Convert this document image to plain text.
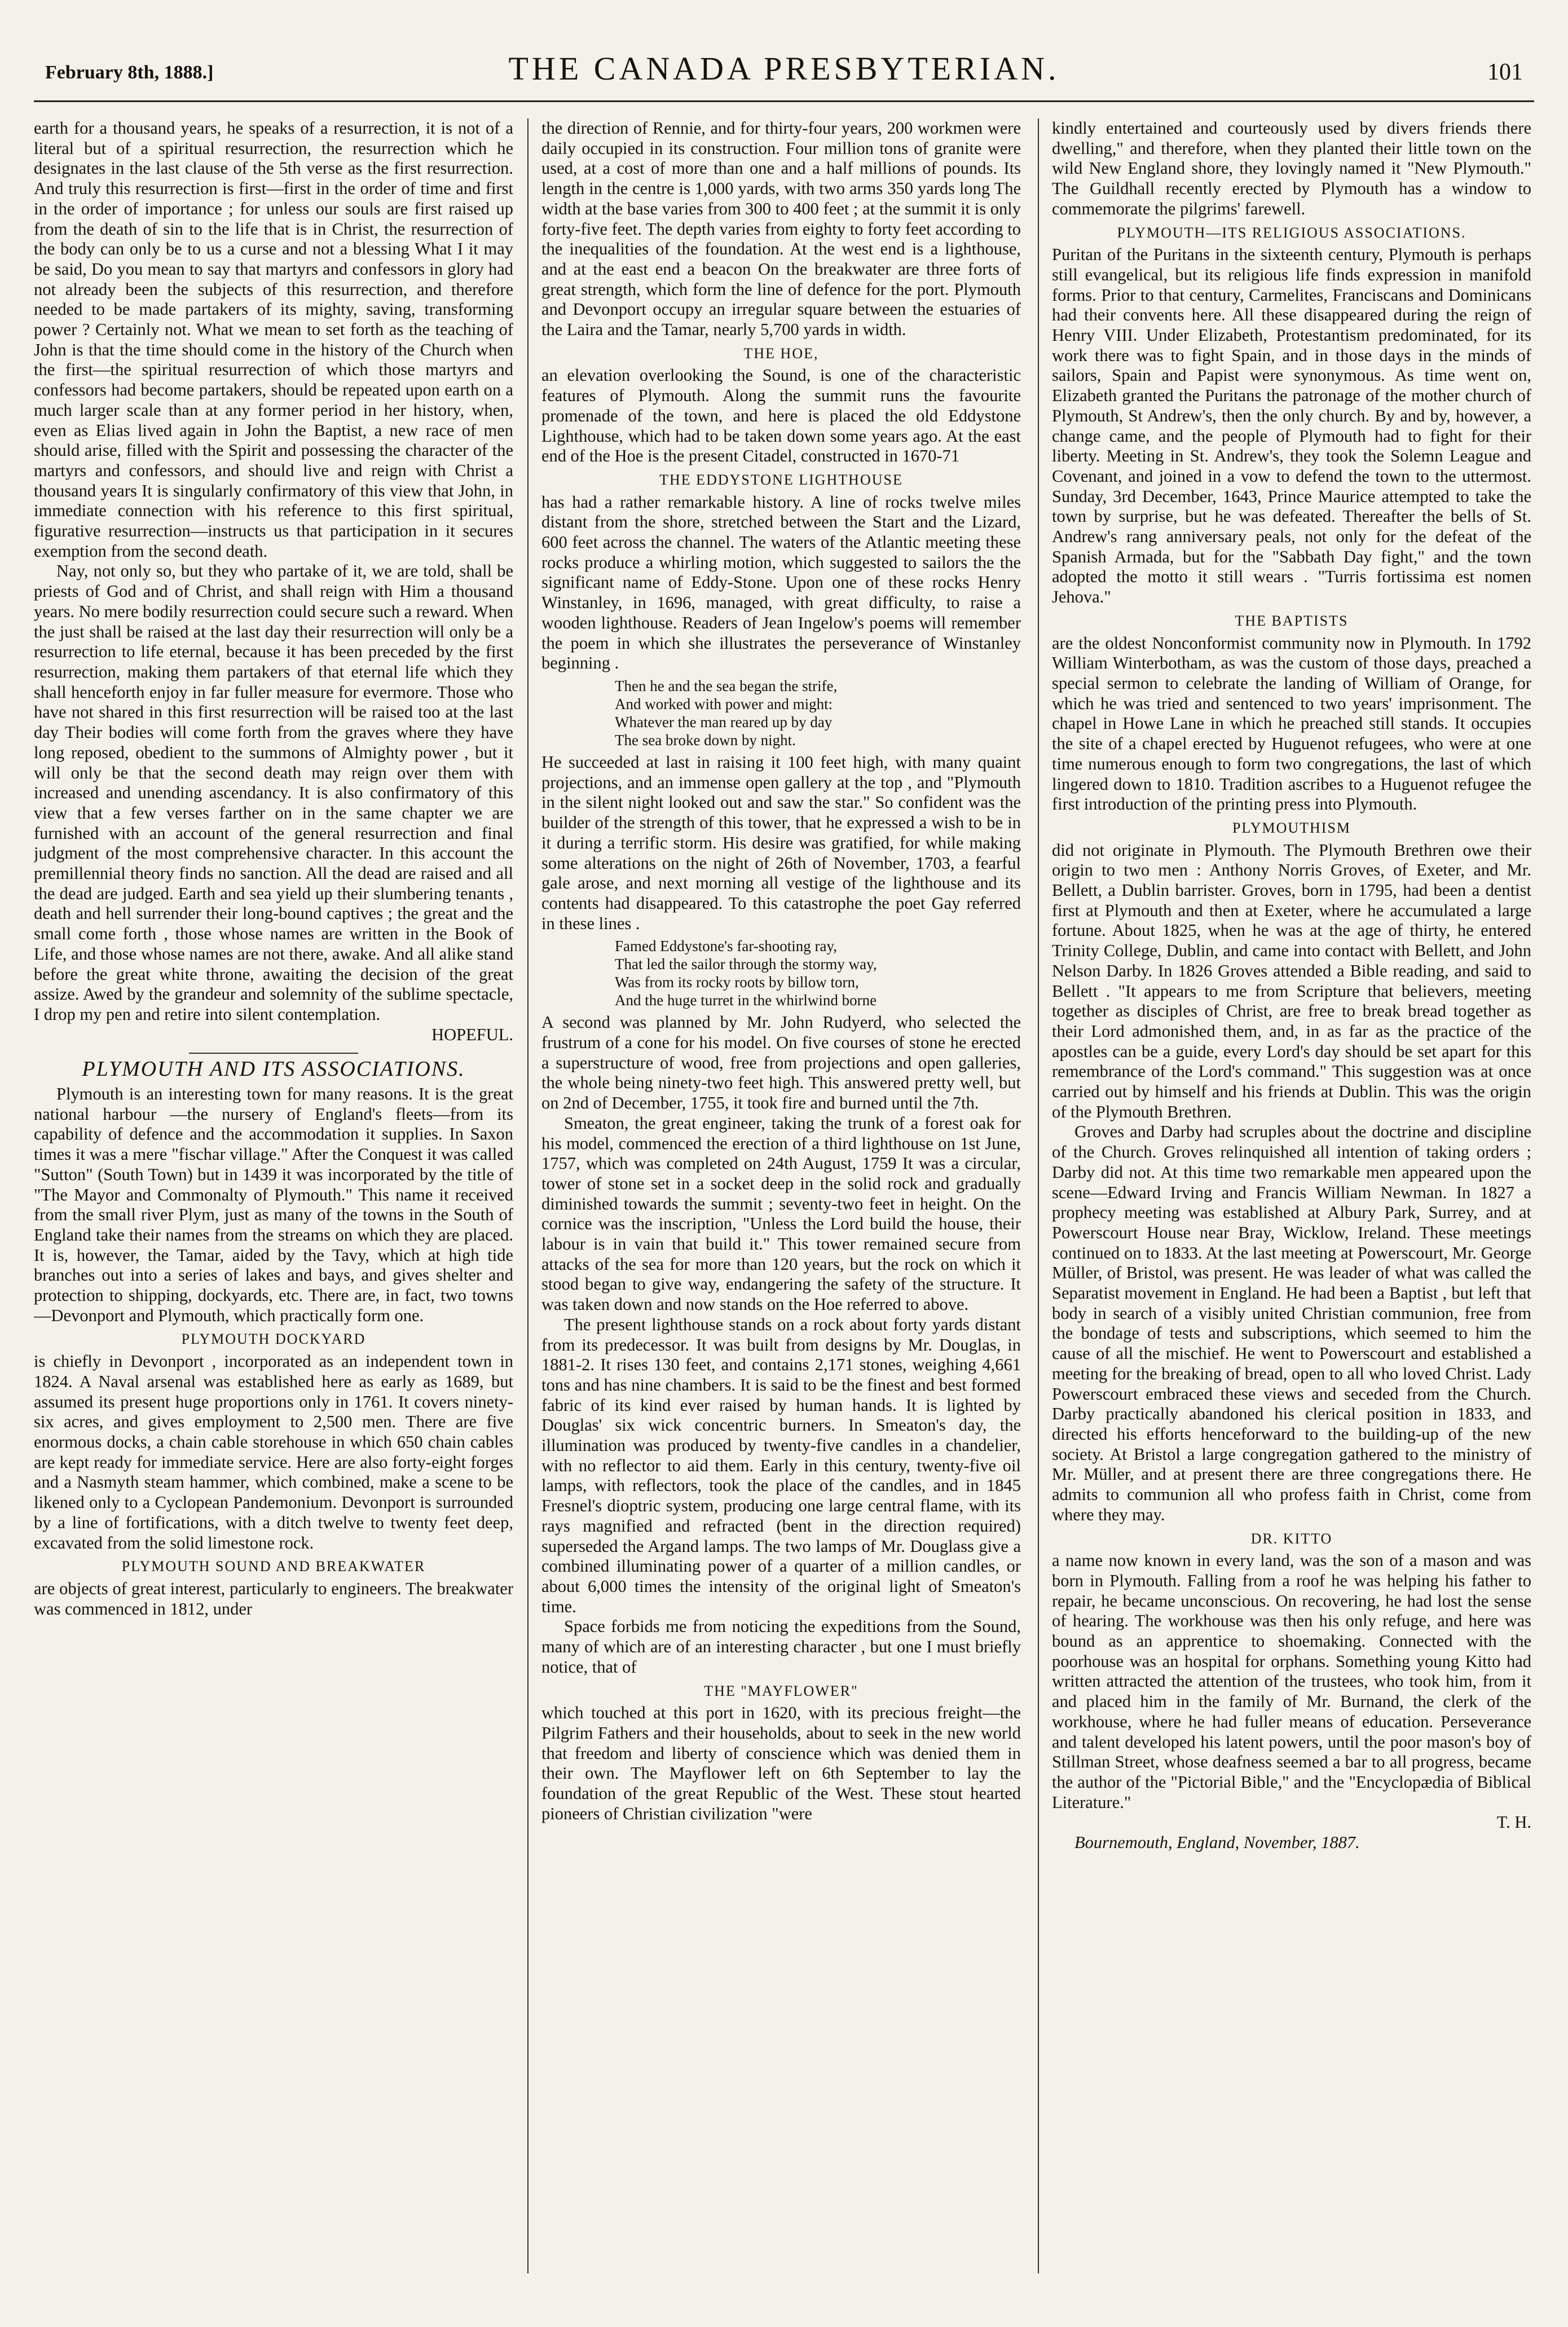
February 8th, 1888.]	THE CANADA PRESBYTERIAN.	101

earth for a thousand years, he speaks of a resurrection, it is not of a literal but of a spiritual resurrection, the resurrection which he designates in the last clause of the 5th verse as the first resurrection. And truly this resurrection is first—first in the order of time and first in the order of importance ; for unless our souls are first raised up from the death of sin to the life that is in Christ, the resurrection of the body can only be to us a curse and not a blessing What I it may be said, Do you mean to say that martyrs and confessors in glory had not already been the subjects of this resurrection, and therefore needed to be made partakers of its mighty, saving, transforming power ? Certainly not. What we mean to set forth as the teaching of John is that the time should come in the history of the Church when the first—the spiritual resurrection of which those martyrs and confessors had become partakers, should be repeated upon earth on a much larger scale than at any former period in her history, when, even as Elias lived again in John the Baptist, a new race of men should arise, filled with the Spirit and possessing the character of the martyrs and confessors, and should live and reign with Christ a thousand years It is singularly confirmatory of this view that John, in immediate connection with his reference to this first spiritual, figurative resurrection—instructs us that participation in it secures exemption from the second death.

Nay, not only so, but they who partake of it, we are told, shall be priests of God and of Christ, and shall reign with Him a thousand years. No mere bodily resurrection could secure such a reward. When the just shall be raised at the last day their resurrection will only be a resurrection to life eternal, because it has been preceded by the first resurrection, making them partakers of that eternal life which they shall henceforth enjoy in far fuller measure for evermore. Those who have not shared in this first resurrection will be raised too at the last day Their bodies will come forth from the graves where they have long reposed, obedient to the summons of Almighty power , but it will only be that the second death may reign over them with increased and unending ascendancy. It is also confirmatory of this view that a few verses farther on in the same chapter we are furnished with an account of the general resurrection and final judgment of the most comprehensive character. In this account the premillennial theory finds no sanction. All the dead are raised and all the dead are judged. Earth and sea yield up their slumbering tenants , death and hell surrender their long-bound captives ; the great and the small come forth , those whose names are written in the Book of Life, and those whose names are not there, awake. And all alike stand before the great white throne, awaiting the decision of the great assize. Awed by the grandeur and solemnity of the sublime spectacle, I drop my pen and retire into silent contemplation.

HOPEFUL.

PLYMOUTH AND ITS ASSOCIATIONS.

Plymouth is an interesting town for many reasons. It is the great national harbour —the nursery of England's fleets—from its capability of defence and the accommodation it supplies. In Saxon times it was a mere "fischar village." After the Conquest it was called "Sutton" (South Town) but in 1439 it was incorporated by the title of "The Mayor and Commonalty of Plymouth." This name it received from the small river Plym, just as many of the towns in the South of England take their names from the streams on which they are placed. It is, however, the Tamar, aided by the Tavy, which at high tide branches out into a series of lakes and bays, and gives shelter and protection to shipping, dockyards, etc. There are, in fact, two towns—Devonport and Plymouth, which practically form one.

PLYMOUTH DOCKYARD

is chiefly in Devonport , incorporated as an independent town in 1824. A Naval arsenal was established here as early as 1689, but assumed its present huge proportions only in 1761. It covers ninety-six acres, and gives employment to 2,500 men. There are five enormous docks, a chain cable storehouse in which 650 chain cables are kept ready for immediate service. Here are also forty-eight forges and a Nasmyth steam hammer, which combined, make a scene to be likened only to a Cyclopean Pandemonium. Devonport is surrounded by a line of fortifications, with a ditch twelve to twenty feet deep, excavated from the solid limestone rock.

PLYMOUTH SOUND AND BREAKWATER

are objects of great interest, particularly to engineers. The breakwater was commenced in 1812, under

the direction of Rennie, and for thirty-four years, 200 workmen were daily occupied in its construction. Four million tons of granite were used, at a cost of more than one and a half millions of pounds. Its length in the centre is 1,000 yards, with two arms 350 yards long The width at the base varies from 300 to 400 feet ; at the summit it is only forty-five feet. The depth varies from eighty to forty feet according to the inequalities of the foundation. At the west end is a lighthouse, and at the east end a beacon On the breakwater are three forts of great strength, which form the line of defence for the port. Plymouth and Devonport occupy an irregular square between the estuaries of the Laira and the Tamar, nearly 5,700 yards in width.

THE HOE,

an elevation overlooking the Sound, is one of the characteristic features of Plymouth. Along the summit runs the favourite promenade of the town, and here is placed the old Eddystone Lighthouse, which had to be taken down some years ago. At the east end of the Hoe is the present Citadel, constructed in 1670-71

THE EDDYSTONE LIGHTHOUSE

has had a rather remarkable history. A line of rocks twelve miles distant from the shore, stretched between the Start and the Lizard, 600 feet across the channel. The waters of the Atlantic meeting these rocks produce a whirling motion, which suggested to sailors the the significant name of Eddy-Stone. Upon one of these rocks Henry Winstanley, in 1696, managed, with great difficulty, to raise a wooden lighthouse. Readers of Jean Ingelow's poems will remember the poem in which she illustrates the perseverance of Winstanley beginning .

Then he and the sea began the strife,
And worked with power and might:
Whatever the man reared up by day
The sea broke down by night.

He succeeded at last in raising it 100 feet high, with many quaint projections, and an immense open gallery at the top , and "Plymouth in the silent night looked out and saw the star." So confident was the builder of the strength of this tower, that he expressed a wish to be in it during a terrific storm. His desire was gratified, for while making some alterations on the night of 26th of November, 1703, a fearful gale arose, and next morning all vestige of the lighthouse and its contents had disappeared. To this catastrophe the poet Gay referred in these lines .

Famed Eddystone's far-shooting ray,
That led the sailor through the stormy way,
Was from its rocky roots by billow torn,
And the huge turret in the whirlwind borne

A second was planned by Mr. John Rudyerd, who selected the frustrum of a cone for his model. On five courses of stone he erected a superstructure of wood, free from projections and open galleries, the whole being ninety-two feet high. This answered pretty well, but on 2nd of December, 1755, it took fire and burned until the 7th.

Smeaton, the great engineer, taking the trunk of a forest oak for his model, commenced the erection of a third lighthouse on 1st June, 1757, which was completed on 24th August, 1759 It was a circular, tower of stone set in a socket deep in the solid rock and gradually diminished towards the summit ; seventy-two feet in height. On the cornice was the inscription, "Unless the Lord build the house, their labour is in vain that build it." This tower remained secure from attacks of the sea for more than 120 years, but the rock on which it stood began to give way, endangering the safety of the structure. It was taken down and now stands on the Hoe referred to above.

The present lighthouse stands on a rock about forty yards distant from its predecessor. It was built from designs by Mr. Douglas, in 1881-2. It rises 130 feet, and contains 2,171 stones, weighing 4,661 tons and has nine chambers. It is said to be the finest and best formed fabric of its kind ever raised by human hands. It is lighted by Douglas' six wick concentric burners. In Smeaton's day, the illumination was produced by twenty-five candles in a chandelier, with no reflector to aid them. Early in this century, twenty-five oil lamps, with reflectors, took the place of the candles, and in 1845 Fresnel's dioptric system, producing one large central flame, with its rays magnified and refracted (bent in the direction required) superseded the Argand lamps. The two lamps of Mr. Douglass give a combined illuminating power of a quarter of a million candles, or about 6,000 times the intensity of the original light of Smeaton's time.

Space forbids me from noticing the expeditions from the Sound, many of which are of an interesting character , but one I must briefly notice, that of

THE "MAYFLOWER"

which touched at this port in 1620, with its precious freight—the Pilgrim Fathers and their households, about to seek in the new world that freedom and liberty of conscience which was denied them in their own. The Mayflower left on 6th September to lay the foundation of the great Republic of the West. These stout hearted pioneers of Christian civilization "were

kindly entertained and courteously used by divers friends there dwelling," and therefore, when they planted their little town on the wild New England shore, they lovingly named it "New Plymouth." The Guildhall recently erected by Plymouth has a window to commemorate the pilgrims' farewell.

PLYMOUTH—ITS RELIGIOUS ASSOCIATIONS.

Puritan of the Puritans in the sixteenth century, Plymouth is perhaps still evangelical, but its religious life finds expression in manifold forms. Prior to that century, Carmelites, Franciscans and Dominicans had their convents here. All these disappeared during the reign of Henry VIII. Under Elizabeth, Protestantism predominated, for its work there was to fight Spain, and in those days in the minds of sailors, Spain and Papist were synonymous. As time went on, Elizabeth granted the Puritans the patronage of the mother church of Plymouth, St Andrew's, then the only church. By and by, however, a change came, and the people of Plymouth had to fight for their liberty. Meeting in St. Andrew's, they took the Solemn League and Covenant, and joined in a vow to defend the town to the uttermost. Sunday, 3rd December, 1643, Prince Maurice attempted to take the town by surprise, but he was defeated. Thereafter the bells of St. Andrew's rang anniversary peals, not only for the defeat of the Spanish Armada, but for the "Sabbath Day fight," and the town adopted the motto it still wears . "Turris fortissima est nomen Jehova."

THE BAPTISTS

are the oldest Nonconformist community now in Plymouth. In 1792 William Winterbotham, as was the custom of those days, preached a special sermon to celebrate the landing of William of Orange, for which he was tried and sentenced to two years' imprisonment. The chapel in Howe Lane in which he preached still stands. It occupies the site of a chapel erected by Huguenot refugees, who were at one time numerous enough to form two congregations, the last of which lingered down to 1810. Tradition ascribes to a Huguenot refugee the first introduction of the printing press into Plymouth.

PLYMOUTHISM

did not originate in Plymouth. The Plymouth Brethren owe their origin to two men : Anthony Norris Groves, of Exeter, and Mr. Bellett, a Dublin barrister. Groves, born in 1795, had been a dentist first at Plymouth and then at Exeter, where he accumulated a large fortune. About 1825, when he was at the age of thirty, he entered Trinity College, Dublin, and came into contact with Bellett, and John Nelson Darby. In 1826 Groves attended a Bible reading, and said to Bellett . "It appears to me from Scripture that believers, meeting together as disciples of Christ, are free to break bread together as their Lord admonished them, and, in as far as the practice of the apostles can be a guide, every Lord's day should be set apart for this remembrance of the Lord's command." This suggestion was at once carried out by himself and his friends at Dublin. This was the origin of the Plymouth Brethren.

Groves and Darby had scruples about the doctrine and discipline of the Church. Groves relinquished all intention of taking orders ; Darby did not. At this time two remarkable men appeared upon the scene—Edward Irving and Francis William Newman. In 1827 a prophecy meeting was established at Albury Park, Surrey, and at Powerscourt House near Bray, Wicklow, Ireland. These meetings continued on to 1833. At the last meeting at Powerscourt, Mr. George Müller, of Bristol, was present. He was leader of what was called the Separatist movement in England. He had been a Baptist , but left that body in search of a visibly united Christian communion, free from the bondage of tests and subscriptions, which seemed to him the cause of all the mischief. He went to Powerscourt and established a meeting for the breaking of bread, open to all who loved Christ. Lady Powerscourt embraced these views and seceded from the Church. Darby practically abandoned his clerical position in 1833, and directed his efforts henceforward to the building-up of the new society. At Bristol a large congregation gathered to the ministry of Mr. Müller, and at present there are three congregations there. He admits to communion all who profess faith in Christ, come from where they may.

DR. KITTO

a name now known in every land, was the son of a mason and was born in Plymouth. Falling from a roof he was helping his father to repair, he became unconscious. On recovering, he had lost the sense of hearing. The workhouse was then his only refuge, and here was bound as an apprentice to shoemaking. Connected with the poorhouse was an hospital for orphans. Something young Kitto had written attracted the attention of the trustees, who took him, from it and placed him in the family of Mr. Burnand, the clerk of the workhouse, where he had fuller means of education. Perseverance and talent developed his latent powers, until the poor mason's boy of Stillman Street, whose deafness seemed a bar to all progress, became the author of the "Pictorial Bible," and the "Encyclopædia of Biblical Literature."

T. H.

Bournemouth, England, November, 1887.
